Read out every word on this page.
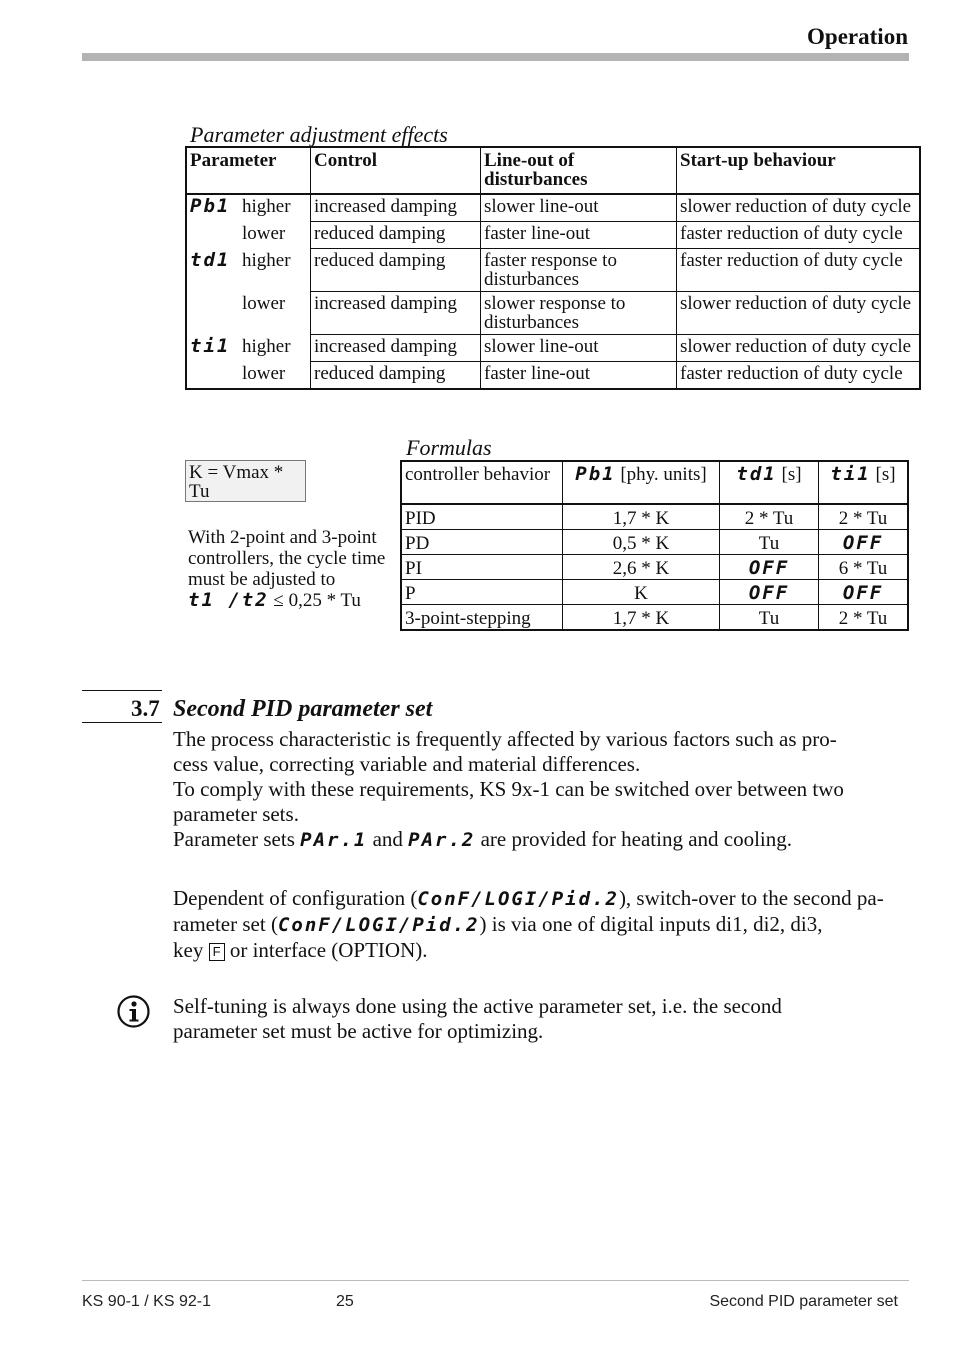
Operation
Parameter adjustment effects
Parameter	Control	Line-out of disturbances	Start-up behaviour
Pb1 higher	increased damping	slower line-out	slower reduction of duty cycle
lower	reduced damping	faster line-out	faster reduction of duty cycle
td1 higher	reduced damping	faster response to disturbances	faster reduction of duty cycle
lower	increased damping	slower response to disturbances	slower reduction of duty cycle
ti1 higher	increased damping	slower line-out	slower reduction of duty cycle
lower	reduced damping	faster line-out	faster reduction of duty cycle
K = Vmax * Tu
With 2-point and 3-point controllers, the cycle time must be adjusted to
t1 /t2 ≤ 0,25 * Tu
Formulas
controller behavior	Pb1 [phy. units]	td1 [s]	ti1 [s]
PID	1,7 * K	2 * Tu	2 * Tu
PD	0,5 * K	Tu	OFF
PI	2,6 * K	OFF	6 * Tu
P	K	OFF	OFF
3-point-stepping	1,7 * K	Tu	2 * Tu
3.7 Second PID parameter set
The process characteristic is frequently affected by various factors such as pro-
cess value, correcting variable and material differences.
To comply with these requirements, KS 9x-1 can be switched over between two
parameter sets.
Parameter sets PAr.1 and PAr.2 are provided for heating and cooling.
Dependent of configuration (ConF/LOGI/Pid.2), switch-over to the second pa-
rameter set (ConF/LOGI/Pid.2) is via one of digital inputs di1, di2, di3,
key F or interface (OPTION).
Self-tuning is always done using the active parameter set, i.e. the second
parameter set must be active for optimizing.
KS 90-1 / KS 92-1	25	Second PID parameter set
